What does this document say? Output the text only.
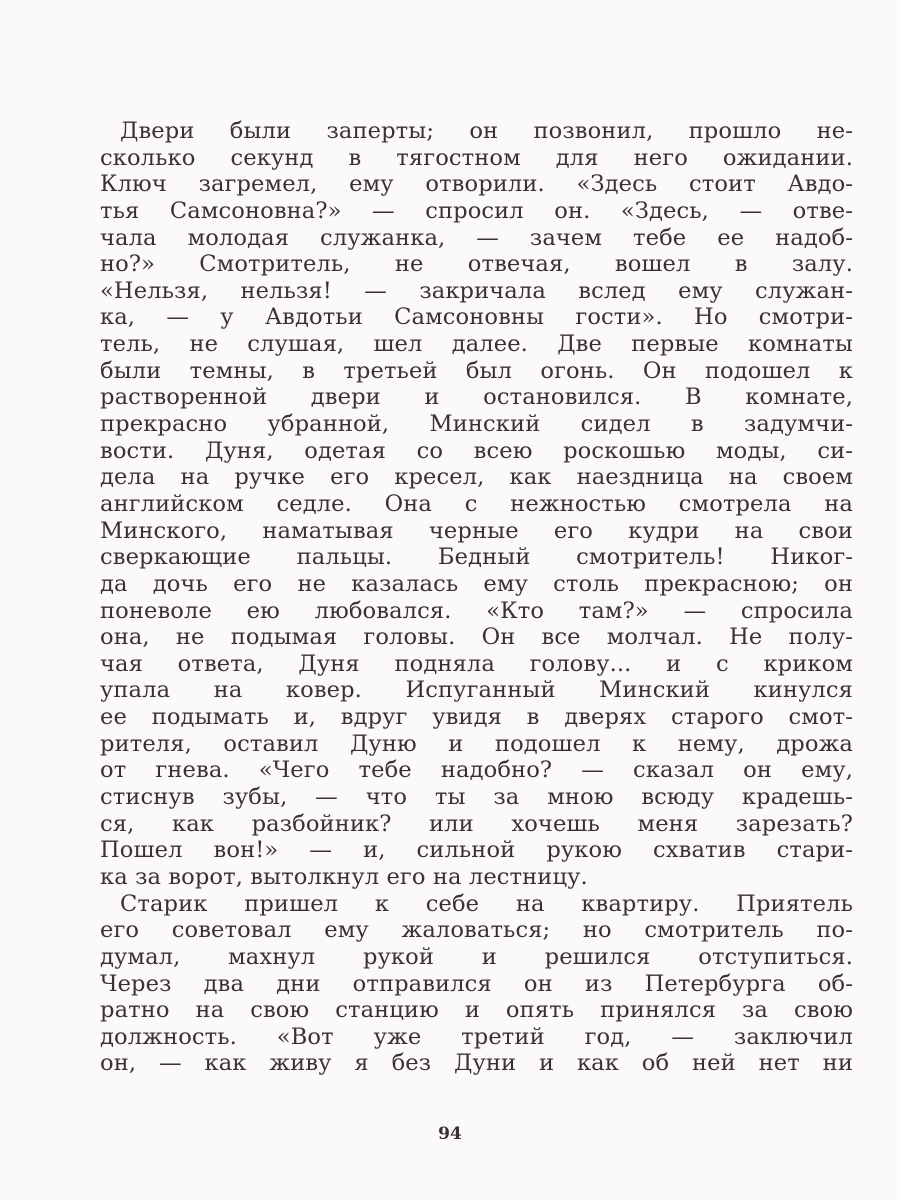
Двери были заперты; он позвонил, прошло не-
сколько секунд в тягостном для него ожидании.
Ключ загремел, ему отворили. «Здесь стоит Авдо-
тья Самсоновна?» — спросил он. «Здесь, — отве-
чала молодая служанка, — зачем тебе ее надоб-
но?» Смотритель, не отвечая, вошел в залу.
«Нельзя, нельзя! — закричала вслед ему служан-
ка, — у Авдотьи Самсоновны гости». Но смотри-
тель, не слушая, шел далее. Две первые комнаты
были темны, в третьей был огонь. Он подошел к
растворенной двери и остановился. В комнате,
прекрасно убранной, Минский сидел в задумчи-
вости. Дуня, одетая со всею роскошью моды, си-
дела на ручке его кресел, как наездница на своем
английском седле. Она с нежностью смотрела на
Минского, наматывая черные его кудри на свои
сверкающие пальцы. Бедный смотритель! Никог-
да дочь его не казалась ему столь прекрасною; он
поневоле ею любовался. «Кто там?» — спросила
она, не подымая головы. Он все молчал. Не полу-
чая ответа, Дуня подняла голову... и с криком
упала на ковер. Испуганный Минский кинулся
ее подымать и, вдруг увидя в дверях старого смот-
рителя, оставил Дуню и подошел к нему, дрожа
от гнева. «Чего тебе надобно? — сказал он ему,
стиснув зубы, — что ты за мною всюду крадешь-
ся, как разбойник? или хочешь меня зарезать?
Пошел вон!» — и, сильной рукою схватив стари-
ка за ворот, вытолкнул его на лестницу.
Старик пришел к себе на квартиру. Приятель
его советовал ему жаловаться; но смотритель по-
думал, махнул рукой и решился отступиться.
Через два дни отправился он из Петербурга об-
ратно на свою станцию и опять принялся за свою
должность. «Вот уже третий год, — заключил
он, — как живу я без Дуни и как об ней нет ни
94
